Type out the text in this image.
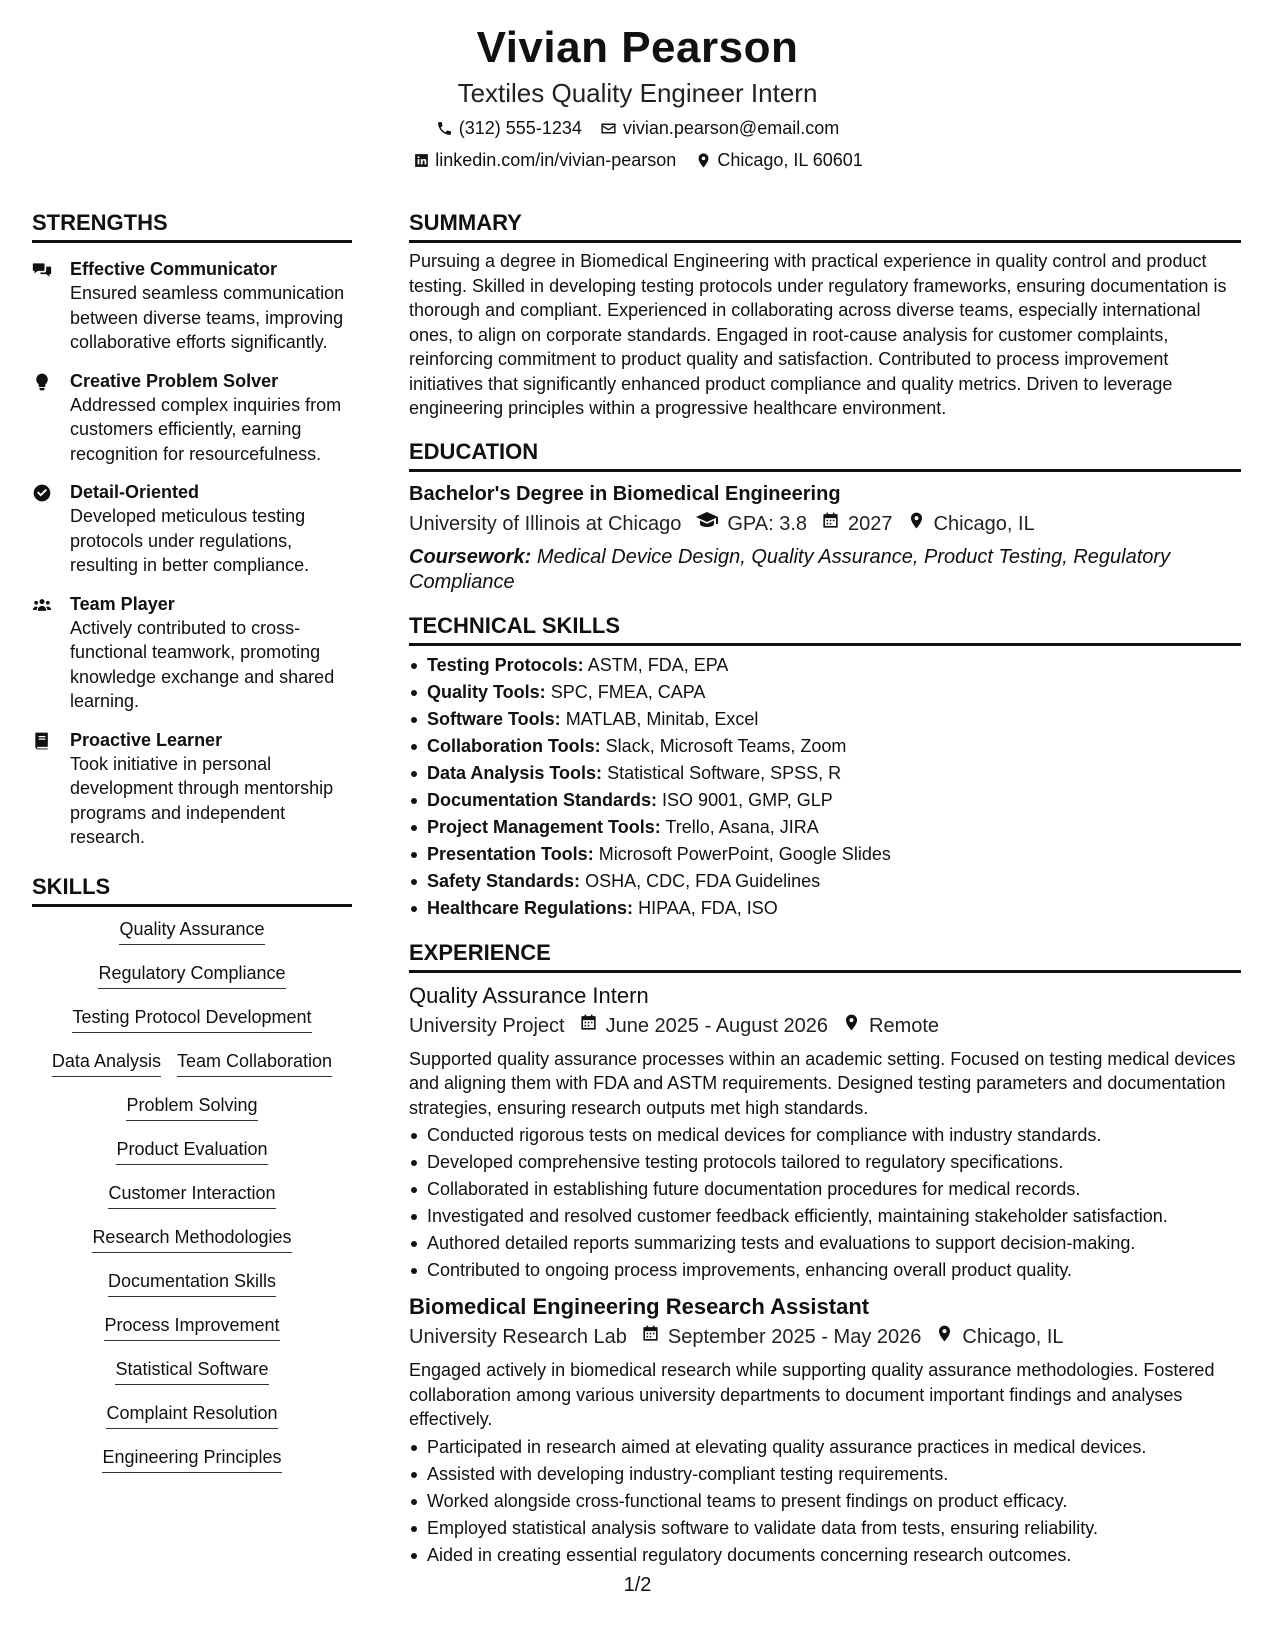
Vivian Pearson
Textiles Quality Engineer Intern
(312) 555-1234 vivian.pearson@email.com
linkedin.com/in/vivian-pearson Chicago, IL 60601
STRENGTHS
Effective Communicator
Ensured seamless communication between diverse teams, improving collaborative efforts significantly.
Creative Problem Solver
Addressed complex inquiries from customers efficiently, earning recognition for resourcefulness.
Detail-Oriented
Developed meticulous testing protocols under regulations, resulting in better compliance.
Team Player
Actively contributed to cross-functional teamwork, promoting knowledge exchange and shared learning.
Proactive Learner
Took initiative in personal development through mentorship programs and independent research.
SKILLS
Quality Assurance
Regulatory Compliance
Testing Protocol Development
Data Analysis Team Collaboration
Problem Solving
Product Evaluation
Customer Interaction
Research Methodologies
Documentation Skills
Process Improvement
Statistical Software
Complaint Resolution
Engineering Principles
SUMMARY
Pursuing a degree in Biomedical Engineering with practical experience in quality control and product testing. Skilled in developing testing protocols under regulatory frameworks, ensuring documentation is thorough and compliant. Experienced in collaborating across diverse teams, especially international ones, to align on corporate standards. Engaged in root-cause analysis for customer complaints, reinforcing commitment to product quality and satisfaction. Contributed to process improvement initiatives that significantly enhanced product compliance and quality metrics. Driven to leverage engineering principles within a progressive healthcare environment.
EDUCATION
Bachelor's Degree in Biomedical Engineering
University of Illinois at Chicago GPA: 3.8 2027 Chicago, IL
Coursework: Medical Device Design, Quality Assurance, Product Testing, Regulatory Compliance
TECHNICAL SKILLS
Testing Protocols: ASTM, FDA, EPA
Quality Tools: SPC, FMEA, CAPA
Software Tools: MATLAB, Minitab, Excel
Collaboration Tools: Slack, Microsoft Teams, Zoom
Data Analysis Tools: Statistical Software, SPSS, R
Documentation Standards: ISO 9001, GMP, GLP
Project Management Tools: Trello, Asana, JIRA
Presentation Tools: Microsoft PowerPoint, Google Slides
Safety Standards: OSHA, CDC, FDA Guidelines
Healthcare Regulations: HIPAA, FDA, ISO
EXPERIENCE
Quality Assurance Intern
University Project June 2025 - August 2026 Remote
Supported quality assurance processes within an academic setting. Focused on testing medical devices and aligning them with FDA and ASTM requirements. Designed testing parameters and documentation strategies, ensuring research outputs met high standards.
Conducted rigorous tests on medical devices for compliance with industry standards.
Developed comprehensive testing protocols tailored to regulatory specifications.
Collaborated in establishing future documentation procedures for medical records.
Investigated and resolved customer feedback efficiently, maintaining stakeholder satisfaction.
Authored detailed reports summarizing tests and evaluations to support decision-making.
Contributed to ongoing process improvements, enhancing overall product quality.
Biomedical Engineering Research Assistant
University Research Lab September 2025 - May 2026 Chicago, IL
Engaged actively in biomedical research while supporting quality assurance methodologies. Fostered collaboration among various university departments to document important findings and analyses effectively.
Participated in research aimed at elevating quality assurance practices in medical devices.
Assisted with developing industry-compliant testing requirements.
Worked alongside cross-functional teams to present findings on product efficacy.
Employed statistical analysis software to validate data from tests, ensuring reliability.
Aided in creating essential regulatory documents concerning research outcomes.
1/2
